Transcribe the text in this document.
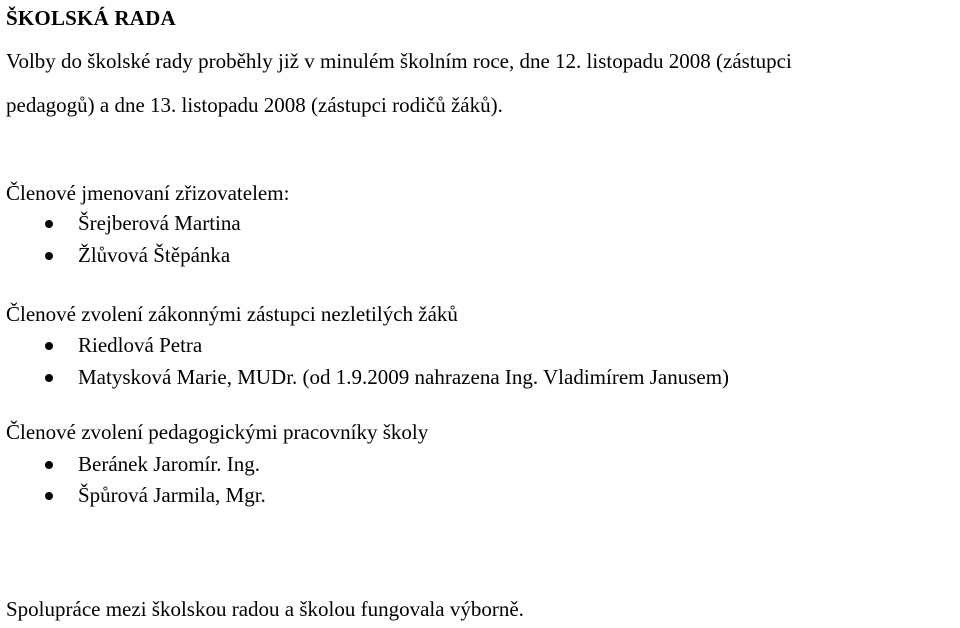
ŠKOLSKÁ RADA
Volby do školské rady proběhly již v minulém školním roce, dne 12. listopadu 2008 (zástupci
pedagogů) a dne 13. listopadu 2008 (zástupci rodičů žáků).
Členové jmenovaní zřizovatelem:
Šrejberová Martina
Žlůvová Štěpánka
Členové zvolení zákonnými zástupci nezletilých žáků
Riedlová Petra
Matysková Marie, MUDr. (od 1.9.2009 nahrazena Ing. Vladimírem Janusem)
Členové zvolení pedagogickými pracovníky školy
Beránek Jaromír. Ing.
Špůrová Jarmila, Mgr.
Spolupráce mezi školskou radou a školou fungovala výborně.
